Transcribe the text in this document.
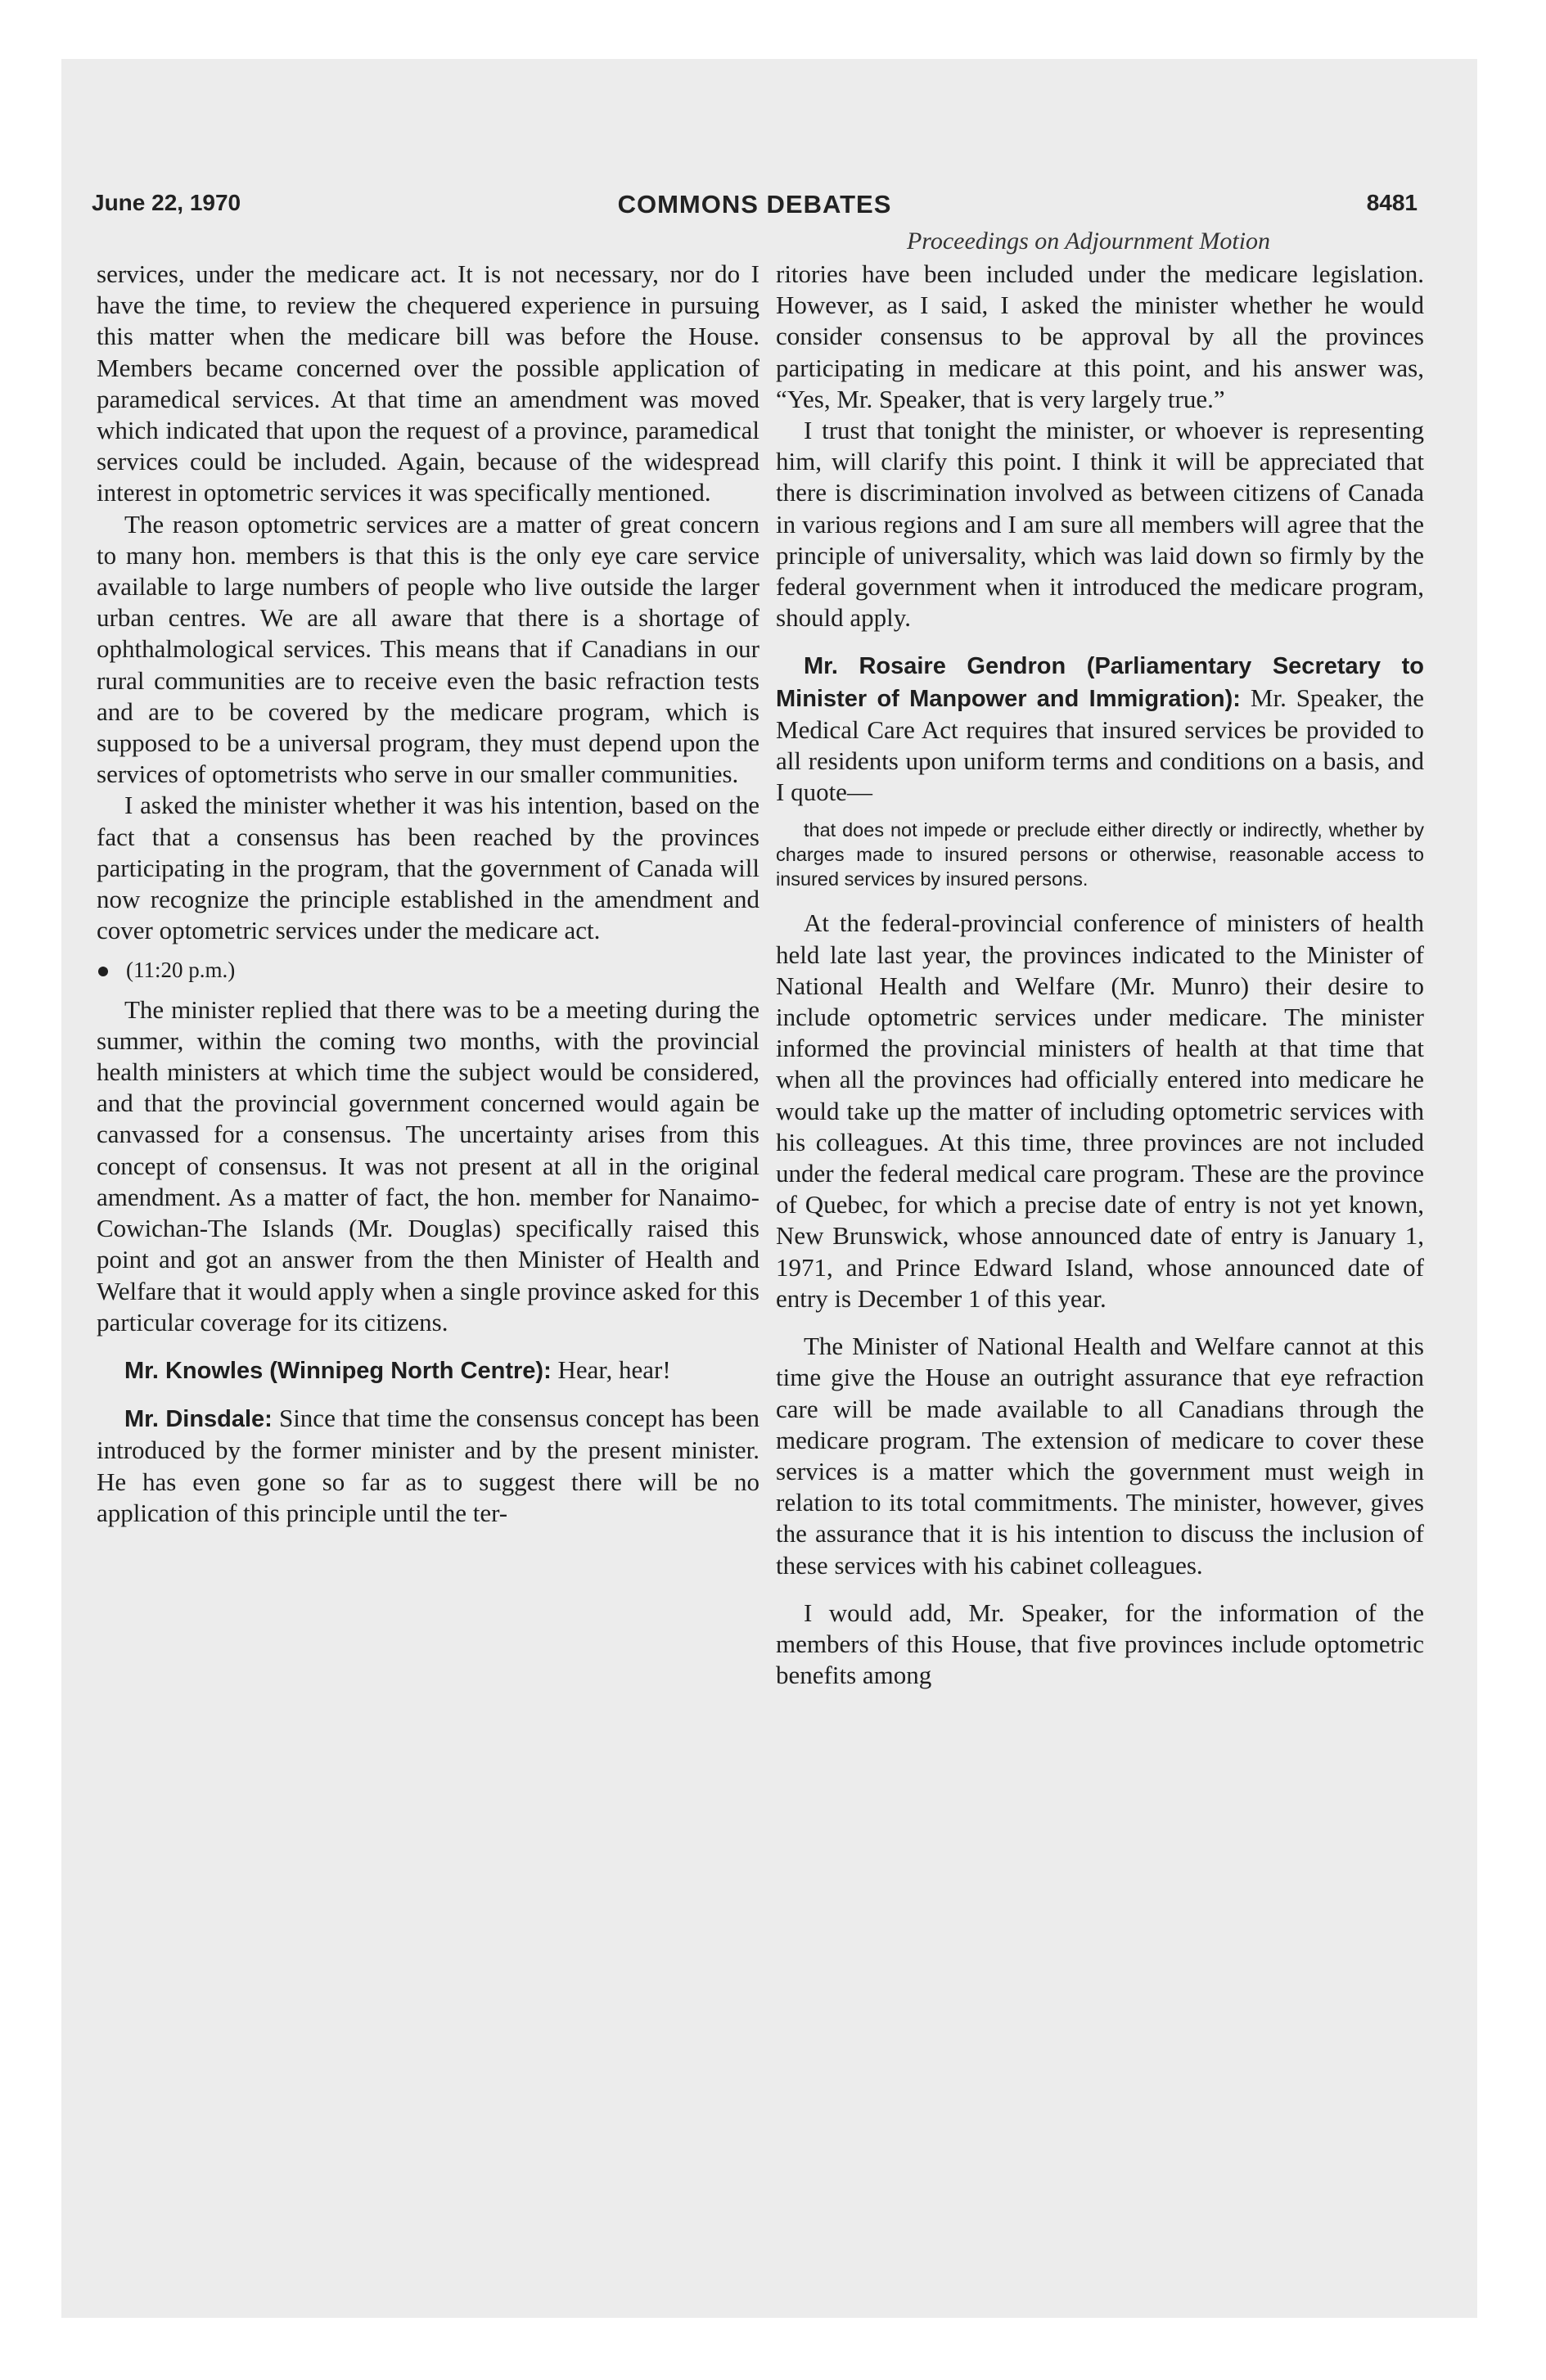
June 22, 1970	COMMONS DEBATES	8481
Proceedings on Adjournment Motion

services, under the medicare act. It is not necessary, nor do I have the time, to review the chequered experience in pursuing this matter when the medicare bill was before the House. Members became concerned over the possible application of paramedical services. At that time an amendment was moved which indicated that upon the request of a province, paramedical services could be included. Again, because of the widespread interest in optometric services it was specifically mentioned.

The reason optometric services are a matter of great concern to many hon. members is that this is the only eye care service available to large numbers of people who live outside the larger urban centres. We are all aware that there is a shortage of ophthalmological services. This means that if Canadians in our rural communities are to receive even the basic refraction tests and are to be covered by the medicare program, which is supposed to be a universal program, they must depend upon the services of optometrists who serve in our smaller communities.

I asked the minister whether it was his intention, based on the fact that a consensus has been reached by the provinces participating in the program, that the government of Canada will now recognize the principle established in the amendment and cover optometric services under the medicare act.

(11:20 p.m.)

The minister replied that there was to be a meeting during the summer, within the coming two months, with the provincial health ministers at which time the subject would be considered, and that the provincial government concerned would again be canvassed for a consensus. The uncertainty arises from this concept of consensus. It was not present at all in the original amendment. As a matter of fact, the hon. member for Nanaimo-Cowichan-The Islands (Mr. Douglas) specifically raised this point and got an answer from the then Minister of Health and Welfare that it would apply when a single province asked for this particular coverage for its citizens.

Mr. Knowles (Winnipeg North Centre): Hear, hear!

Mr. Dinsdale: Since that time the consensus concept has been introduced by the former minister and by the present minister. He has even gone so far as to suggest there will be no application of this principle until the ter-

ritories have been included under the medicare legislation. However, as I said, I asked the minister whether he would consider consensus to be approval by all the provinces participating in medicare at this point, and his answer was, “Yes, Mr. Speaker, that is very largely true.”

I trust that tonight the minister, or whoever is representing him, will clarify this point. I think it will be appreciated that there is discrimination involved as between citizens of Canada in various regions and I am sure all members will agree that the principle of universality, which was laid down so firmly by the federal government when it introduced the medicare program, should apply.

Mr. Rosaire Gendron (Parliamentary Secretary to Minister of Manpower and Immigration): Mr. Speaker, the Medical Care Act requires that insured services be provided to all residents upon uniform terms and conditions on a basis, and I quote—

that does not impede or preclude either directly or indirectly, whether by charges made to insured persons or otherwise, reasonable access to insured services by insured persons.

At the federal-provincial conference of ministers of health held late last year, the provinces indicated to the Minister of National Health and Welfare (Mr. Munro) their desire to include optometric services under medicare. The minister informed the provincial ministers of health at that time that when all the provinces had officially entered into medicare he would take up the matter of including optometric services with his colleagues. At this time, three provinces are not included under the federal medical care program. These are the province of Quebec, for which a precise date of entry is not yet known, New Brunswick, whose announced date of entry is January 1, 1971, and Prince Edward Island, whose announced date of entry is December 1 of this year.

The Minister of National Health and Welfare cannot at this time give the House an outright assurance that eye refraction care will be made available to all Canadians through the medicare program. The extension of medicare to cover these services is a matter which the government must weigh in relation to its total commitments. The minister, however, gives the assurance that it is his intention to discuss the inclusion of these services with his cabinet colleagues.

I would add, Mr. Speaker, for the information of the members of this House, that five provinces include optometric benefits among
